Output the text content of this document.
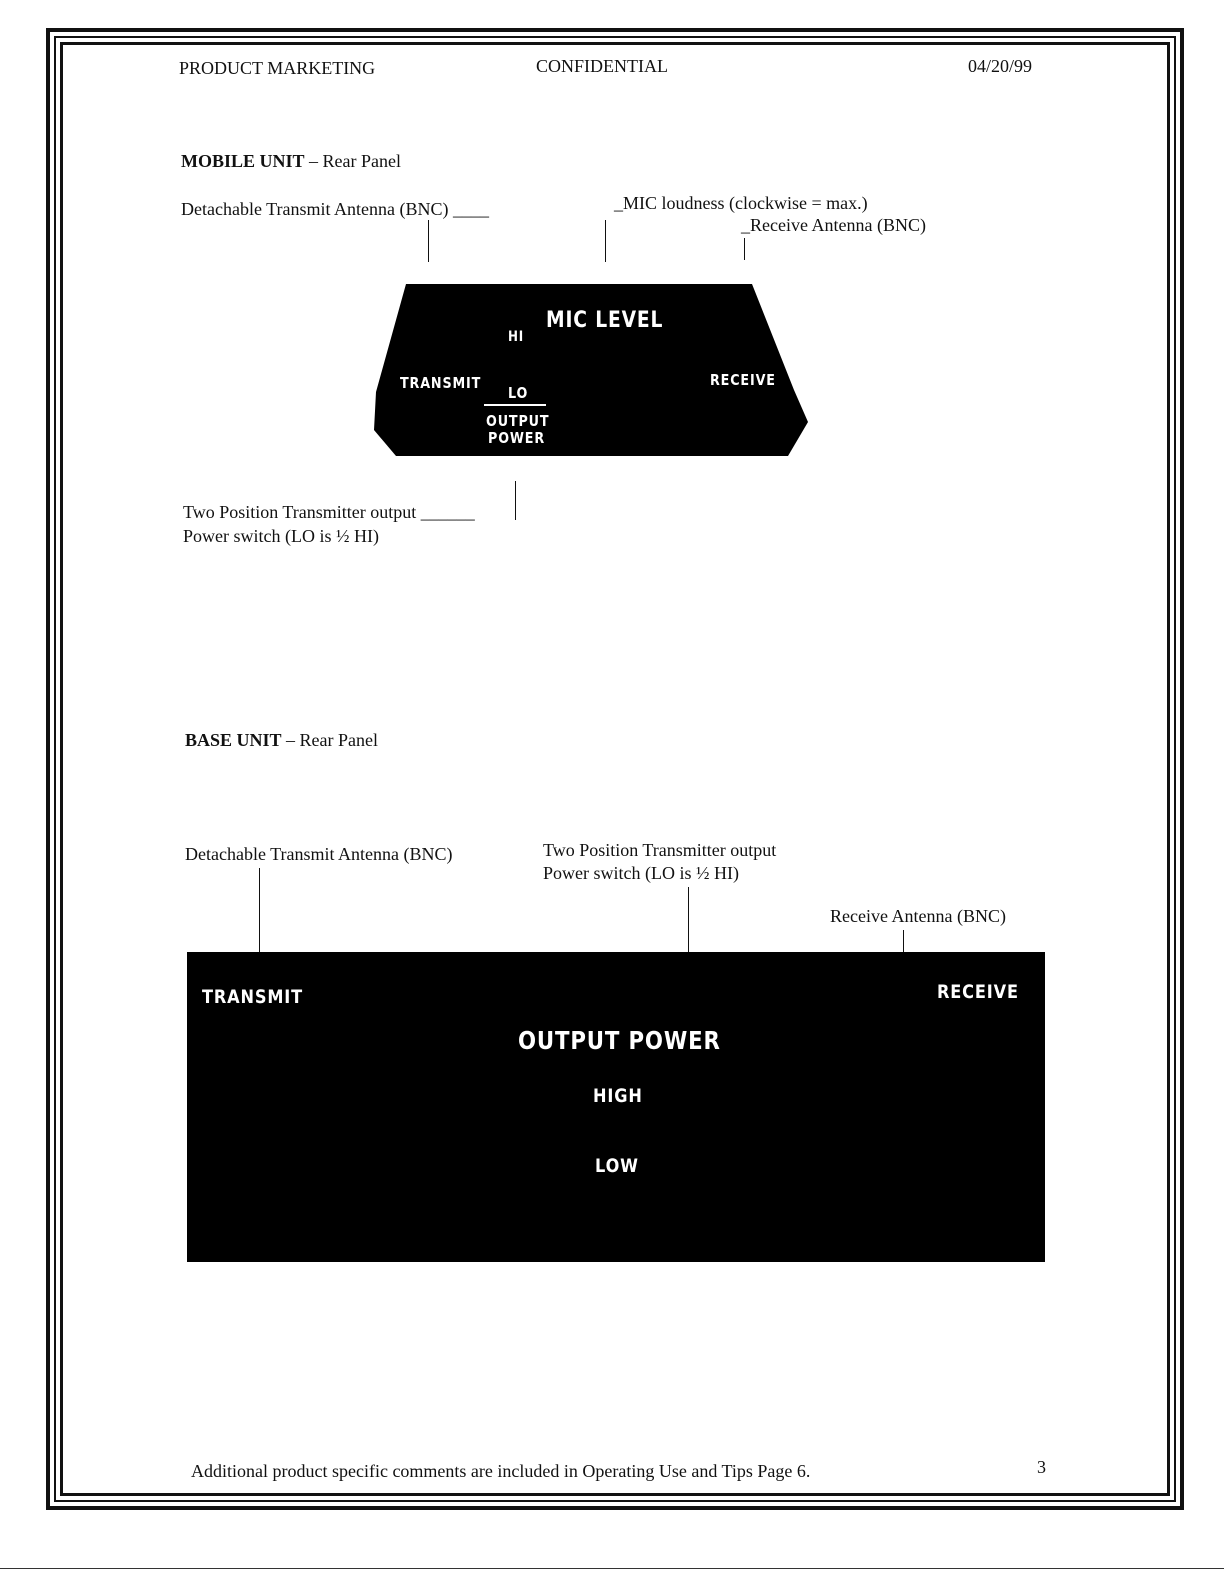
PRODUCT MARKETING	CONFIDENTIAL	04/20/99
MOBILE UNIT – Rear Panel
Detachable Transmit Antenna (BNC) ____	_MIC loudness (clockwise = max.)
_Receive Antenna (BNC)
HI
MIC LEVEL
TRANSMIT
LO
OUTPUT
POWER
RECEIVE
Two Position Transmitter output ______
Power switch (LO is ½ HI)
BASE UNIT – Rear Panel
Detachable Transmit Antenna (BNC)	Two Position Transmitter output
Power switch (LO is ½ HI)
Receive Antenna (BNC)
TRANSMIT	RECEIVE
OUTPUT POWER
HIGH
LOW
Additional product specific comments are included in Operating Use and Tips Page 6.	3
